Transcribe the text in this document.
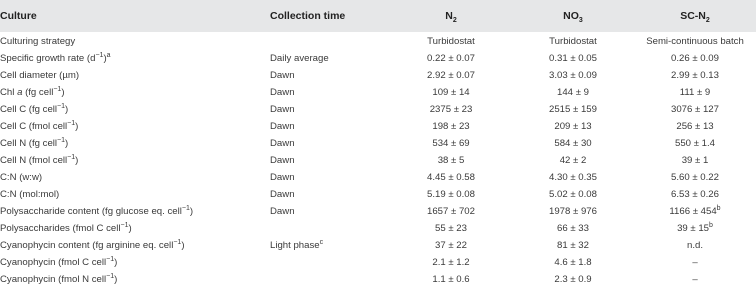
Culture	Collection time	$N_2$	$NO_3$	$SC-N_2$
Culturing strategy		Turbidostat	Turbidostat	Semi-continuous batch
Specific growth rate $(d^{-1})^a$	Daily average	0.22 ± 0.07	0.31 ± 0.05	0.26 ± 0.09
Cell diameter (µm)	Dawn	2.92 ± 0.07	3.03 ± 0.09	2.99 ± 0.13
Chl a (fg cell$^{-1}$)	Dawn	109 ± 14	144 ± 9	111 ± 9
Cell C (fg cell$^{-1}$)	Dawn	2375 ± 23	2515 ± 159	3076 ± 127
Cell C (fmol cell$^{-1}$)	Dawn	198 ± 23	209 ± 13	256 ± 13
Cell N (fg cell$^{-1}$)	Dawn	534 ± 69	584 ± 30	550 ± 1.4
Cell N (fmol cell$^{-1}$)	Dawn	38 ± 5	42 ± 2	39 ± 1
C:N (w:w)	Dawn	4.45 ± 0.58	4.30 ± 0.35	5.60 ± 0.22
C:N (mol:mol)	Dawn	5.19 ± 0.08	5.02 ± 0.08	6.53 ± 0.26
Polysaccharide content (fg glucose eq. cell$^{-1}$)	Dawn	1657 ± 702	1978 ± 976	$1166 \pm 454^b$
Polysaccharides (fmol C cell$^{-1}$)		55 ± 23	66 ± 33	$39 \pm 15^b$
Cyanophycin content (fg arginine eq. cell$^{-1}$)	Light phase$^c$	37 ± 22	81 ± 32	n.d.
Cyanophycin (fmol C cell$^{-1}$)		2.1 ± 1.2	4.6 ± 1.8	–
Cyanophycin (fmol N cell$^{-1}$)		1.1 ± 0.6	2.3 ± 0.9	–
